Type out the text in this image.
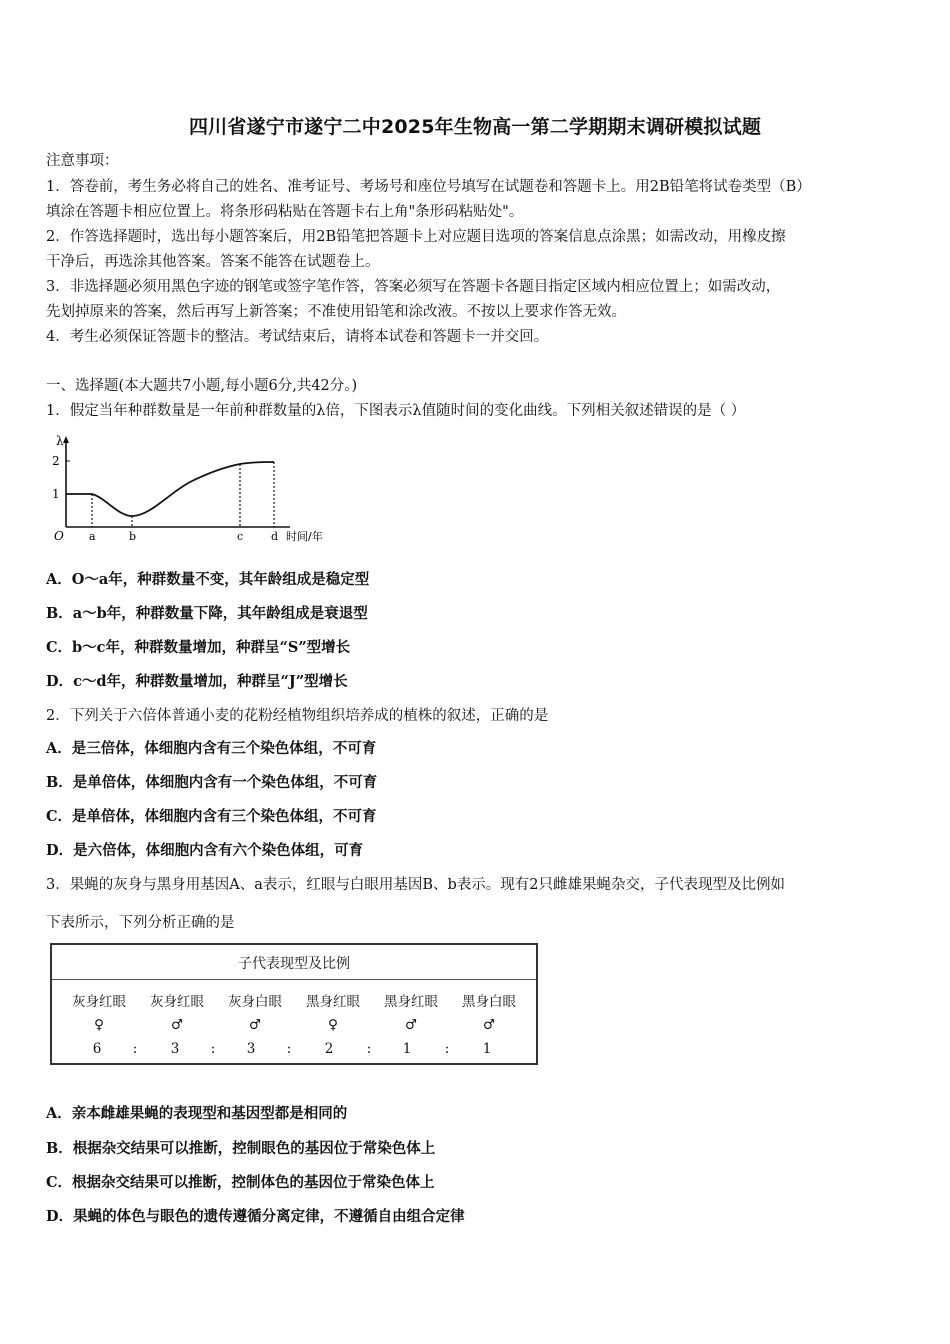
四川省遂宁市遂宁二中2025年生物高一第二学期期末调研模拟试题
注意事项：
1．答卷前，考生务必将自己的姓名、准考证号、考场号和座位号填写在试题卷和答题卡上。用2B铅笔将试卷类型（B）
填涂在答题卡相应位置上。将条形码粘贴在答题卡右上角"条形码粘贴处"。
2．作答选择题时，选出每小题答案后，用2B铅笔把答题卡上对应题目选项的答案信息点涂黑；如需改动，用橡皮擦
干净后，再选涂其他答案。答案不能答在试题卷上。
3．非选择题必须用黑色字迹的钢笔或签字笔作答，答案必须写在答题卡各题目指定区域内相应位置上；如需改动，
先划掉原来的答案，然后再写上新答案；不准使用铅笔和涂改液。不按以上要求作答无效。
4．考生必须保证答题卡的整洁。考试结束后，请将本试卷和答题卡一并交回。
一、选择题(本大题共7小题,每小题6分,共42分。)
1．假定当年种群数量是一年前种群数量的λ倍，下图表示λ值随时间的变化曲线。下列相关叙述错误的是（ ）
λ
2
1
O a	b	c	d 时间/年
A．O～a年，种群数量不变，其年龄组成是稳定型
B．a～b年，种群数量下降，其年龄组成是衰退型
C．b～c年，种群数量增加，种群呈“S”型增长
D．c～d年，种群数量增加，种群呈“J”型增长
2．下列关于六倍体普通小麦的花粉经植物组织培养成的植株的叙述，正确的是
A．是三倍体，体细胞内含有三个染色体组，不可育
B．是单倍体，体细胞内含有一个染色体组，不可育
C．是单倍体，体细胞内含有三个染色体组，不可育
D．是六倍体，体细胞内含有六个染色体组，可育
3．果蝇的灰身与黑身用基因A、a表示，红眼与白眼用基因B、b表示。现有2只雌雄果蝇杂交，子代表现型及比例如
下表所示，下列分析正确的是
子代表现型及比例
灰身红眼	灰身红眼	灰身白眼	黑身红眼	黑身红眼	黑身白眼
♀	♂	♂	♀	♂	♂
6	:	3	:	3	:	2	:	1	:	1
A．亲本雌雄果蝇的表现型和基因型都是相同的
B．根据杂交结果可以推断，控制眼色的基因位于常染色体上
C．根据杂交结果可以推断，控制体色的基因位于常染色体上
D．果蝇的体色与眼色的遗传遵循分离定律，不遵循自由组合定律
